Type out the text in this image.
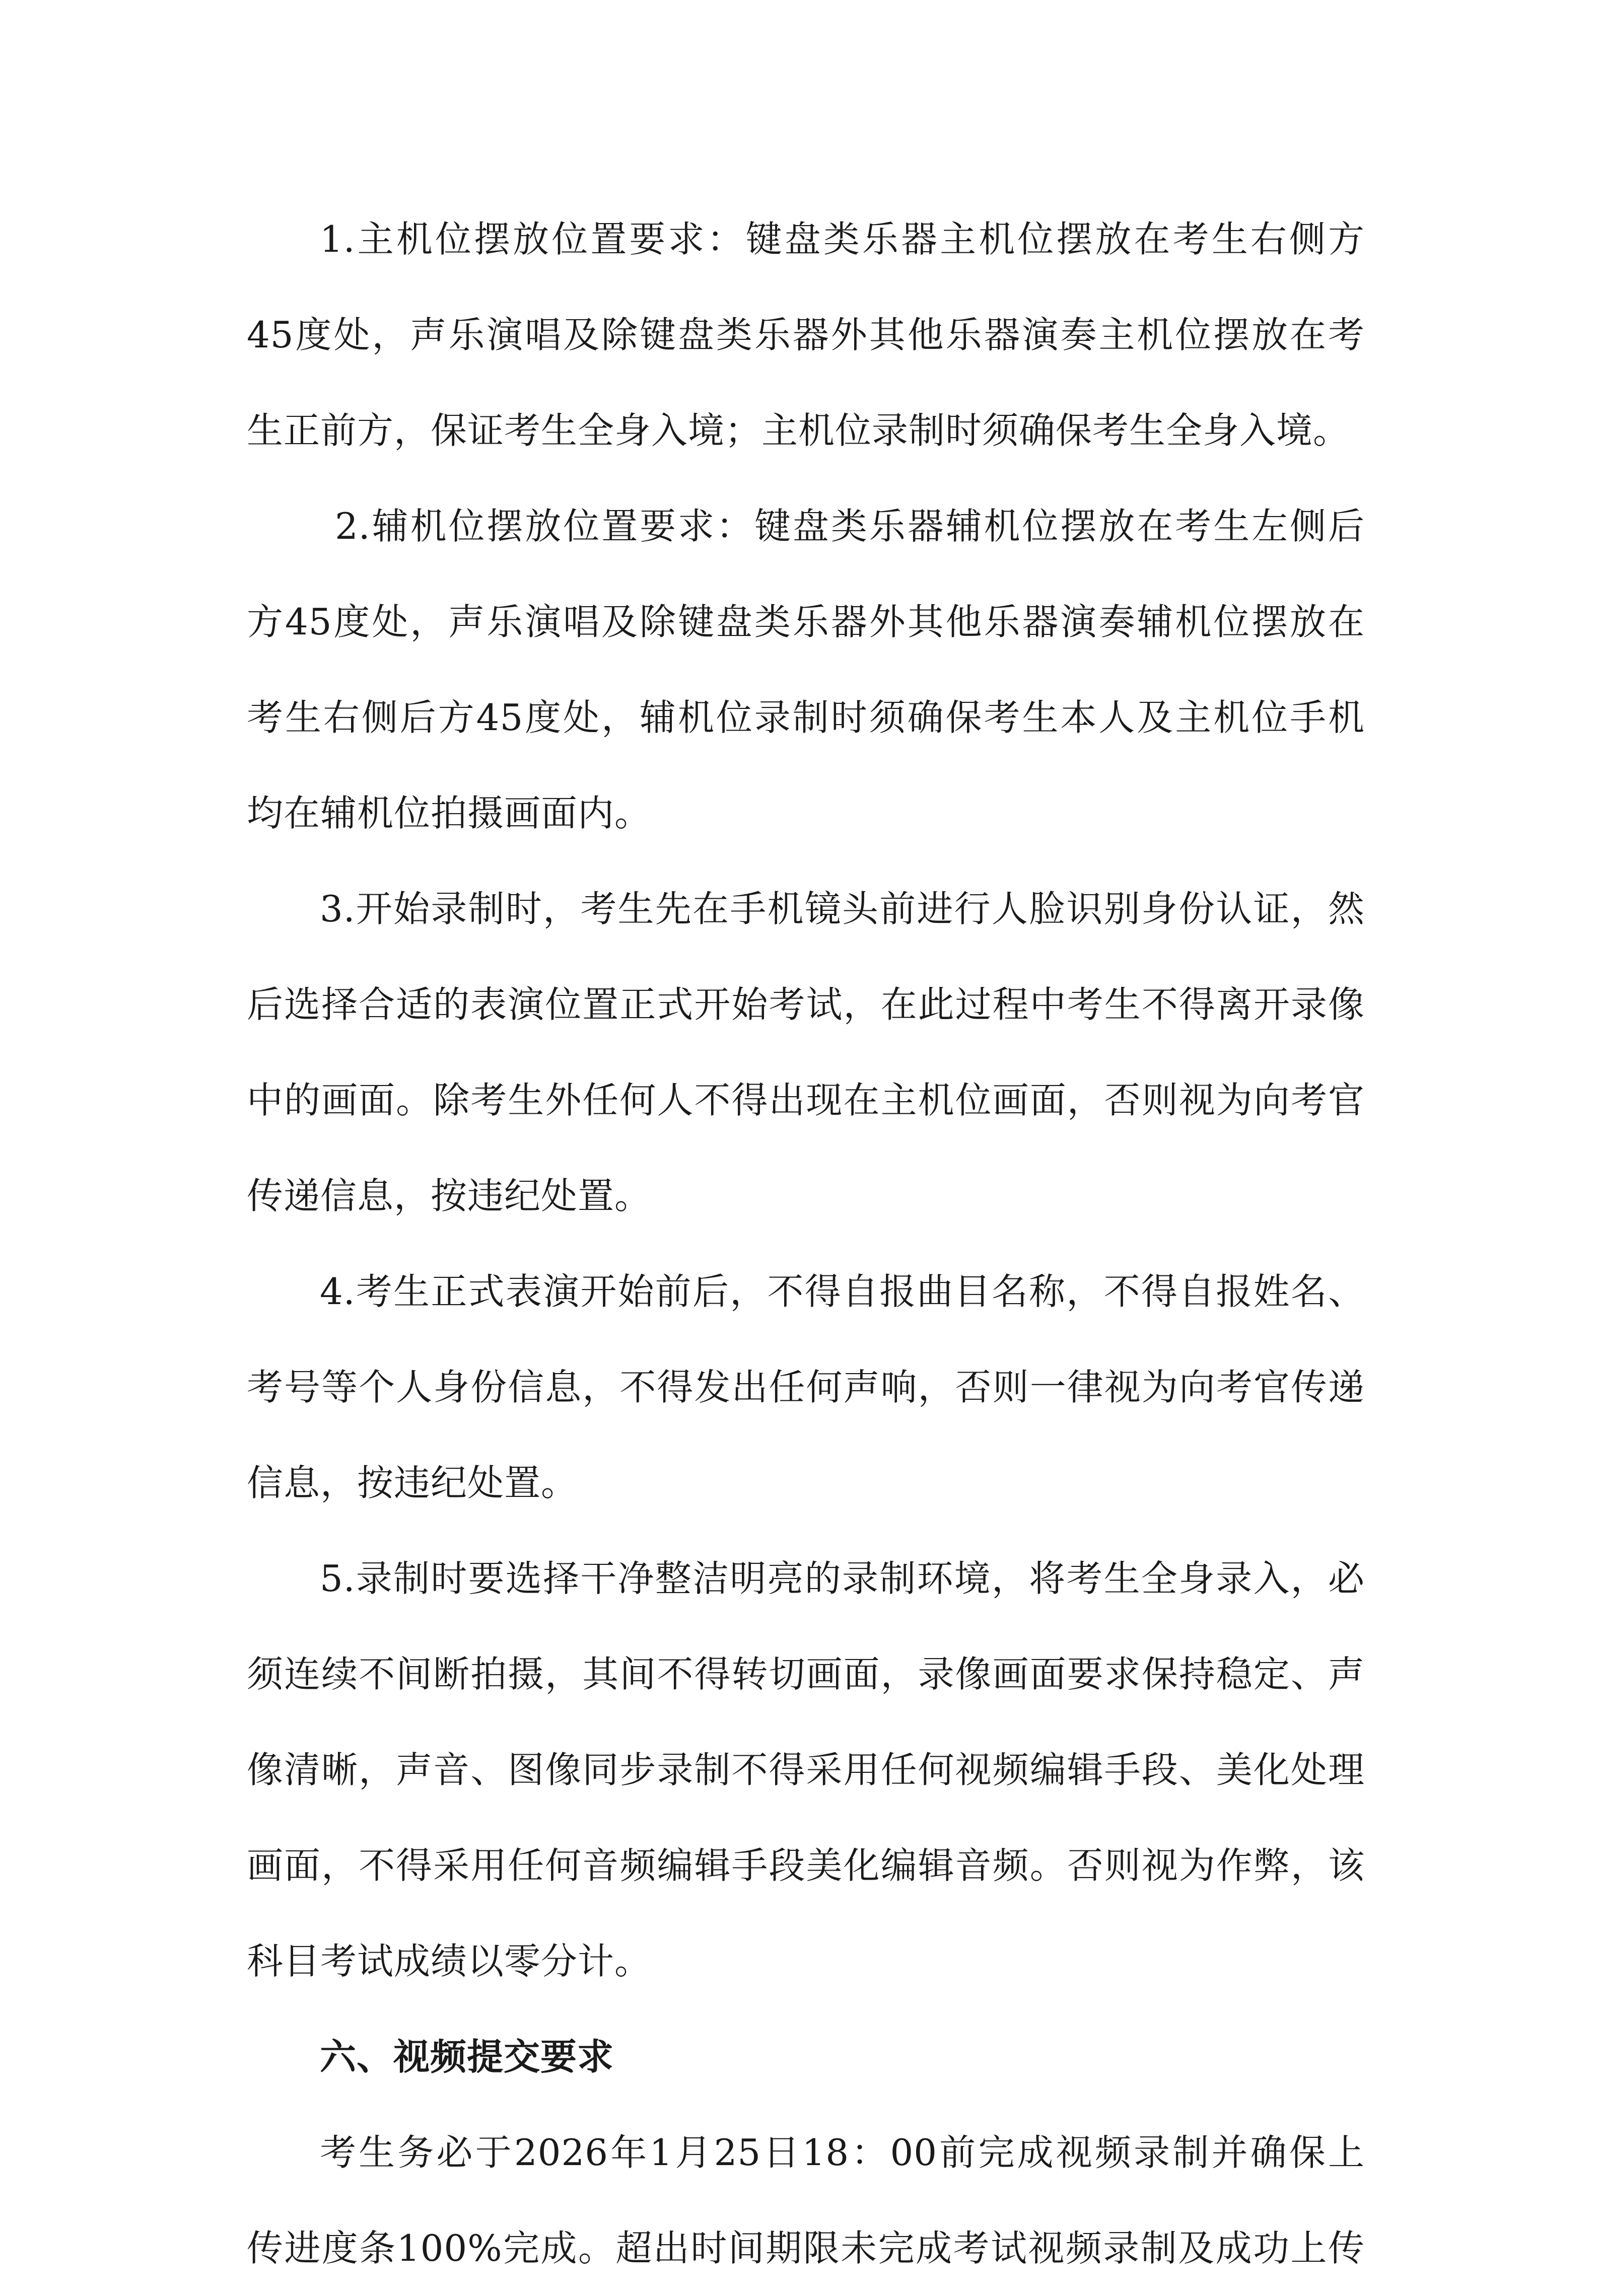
1.主机位摆放位置要求：键盘类乐器主机位摆放在考生右侧方

45度处，声乐演唱及除键盘类乐器外其他乐器演奏主机位摆放在考

生正前方，保证考生全身入境；主机位录制时须确保考生全身入境。

2.辅机位摆放位置要求：键盘类乐器辅机位摆放在考生左侧后

方45度处，声乐演唱及除键盘类乐器外其他乐器演奏辅机位摆放在

考生右侧后方45度处，辅机位录制时须确保考生本人及主机位手机

均在辅机位拍摄画面内。

3.开始录制时，考生先在手机镜头前进行人脸识别身份认证，然

后选择合适的表演位置正式开始考试，在此过程中考生不得离开录像

中的画面。除考生外任何人不得出现在主机位画面，否则视为向考官

传递信息，按违纪处置。

4.考生正式表演开始前后，不得自报曲目名称，不得自报姓名、

考号等个人身份信息，不得发出任何声响，否则一律视为向考官传递

信息，按违纪处置。

5.录制时要选择干净整洁明亮的录制环境，将考生全身录入，必

须连续不间断拍摄，其间不得转切画面，录像画面要求保持稳定、声

像清晰，声音、图像同步录制不得采用任何视频编辑手段、美化处理

画面，不得采用任何音频编辑手段美化编辑音频。否则视为作弊，该

科目考试成绩以零分计。

六、视频提交要求

考生务必于2026年1月25日18：00前完成视频录制并确保上

传进度条100%完成。超出时间期限未完成考试视频录制及成功上传
